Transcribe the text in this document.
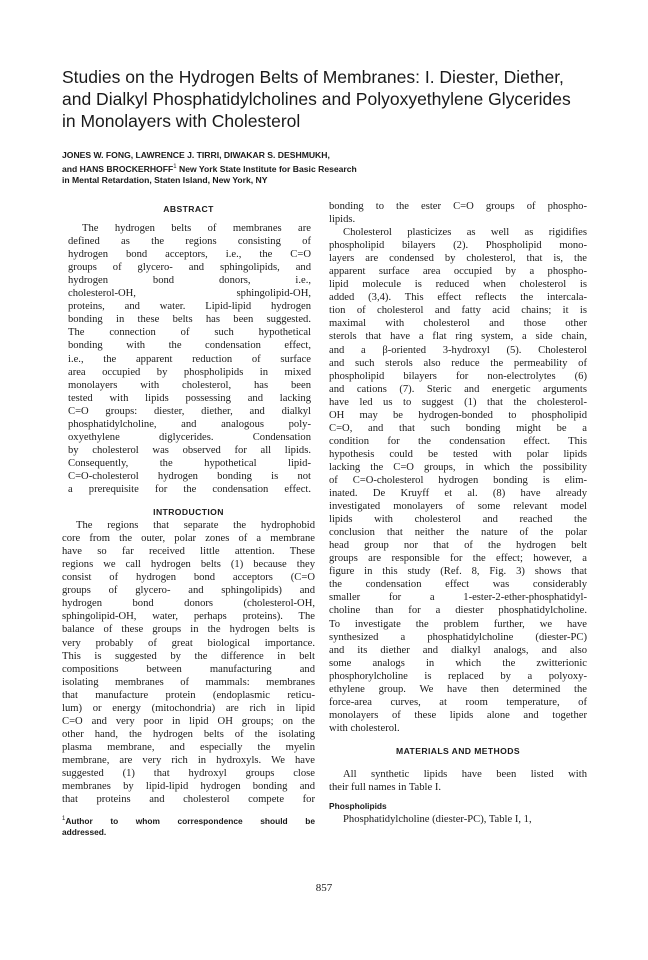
Studies on the Hydrogen Belts of Membranes: I. Diester, Diether,
and Dialkyl Phosphatidylcholines and Polyoxyethylene Glycerides
in Monolayers with Cholesterol
JONES W. FONG, LAWRENCE J. TIRRI, DIWAKAR S. DESHMUKH,
and HANS BROCKERHOFF$^1$ New York State Institute for Basic Research
in Mental Retardation, Staten Island, New York, NY
ABSTRACT
The hydrogen belts of membranes are
defined as the regions consisting of
hydrogen bond acceptors, i.e., the C=O
groups of glycero- and sphingolipids, and
hydrogen bond donors, i.e.,
cholesterol-OH, sphingolipid-OH,
proteins, and water. Lipid-lipid hydrogen
bonding in these belts has been suggested.
The connection of such hypothetical
bonding with the condensation effect,
i.e., the apparent reduction of surface
area occupied by phospholipids in mixed
monolayers with cholesterol, has been
tested with lipids possessing and lacking
C=O groups: diester, diether, and dialkyl
phosphatidylcholine, and analogous poly-
oxyethylene diglycerides. Condensation
by cholesterol was observed for all lipids.
Consequently, the hypothetical lipid-
C=O-cholesterol hydrogen bonding is not
a prerequisite for the condensation effect.
INTRODUCTION
The regions that separate the hydrophobid
core from the outer, polar zones of a membrane
have so far received little attention. These
regions we call hydrogen belts (1) because they
consist of hydrogen bond acceptors (C=O
groups of glycero- and sphingolipids) and
hydrogen bond donors (cholesterol-OH,
sphingolipid-OH, water, perhaps proteins). The
balance of these groups in the hydrogen belts is
very probably of great biological importance.
This is suggested by the difference in belt
compositions between manufacturing and
isolating membranes of mammals: membranes
that manufacture protein (endoplasmic reticu-
lum) or energy (mitochondria) are rich in lipid
C=O and very poor in lipid OH groups; on the
other hand, the hydrogen belts of the isolating
plasma membrane, and especially the myelin
membrane, are very rich in hydroxyls. We have
suggested (1) that hydroxyl groups close
membranes by lipid-lipid hydrogen bonding and
that proteins and cholesterol compete for
$^1$Author to whom correspondence should be
addressed.
bonding to the ester C=O groups of phospho-
lipids.
Cholesterol plasticizes as well as rigidifies
phospholipid bilayers (2). Phospholipid mono-
layers are condensed by cholesterol, that is, the
apparent surface area occupied by a phospho-
lipid molecule is reduced when cholesterol is
added (3,4). This effect reflects the intercala-
tion of cholesterol and fatty acid chains; it is
maximal with cholesterol and those other
sterols that have a flat ring system, a side chain,
and a β-oriented 3-hydroxyl (5). Cholesterol
and such sterols also reduce the permeability of
phospholipid bilayers for non-electrolytes (6)
and cations (7). Steric and energetic arguments
have led us to suggest (1) that the cholesterol-
OH may be hydrogen-bonded to phospholipid
C=O, and that such bonding might be a
condition for the condensation effect. This
hypothesis could be tested with polar lipids
lacking the C=O groups, in which the possibility
of C=O-cholesterol hydrogen bonding is elim-
inated. De Kruyff et al. (8) have already
investigated monolayers of some relevant model
lipids with cholesterol and reached the
conclusion that neither the nature of the polar
head group nor that of the hydrogen belt
groups are responsible for the effect; however, a
figure in this study (Ref. 8, Fig. 3) shows that
the condensation effect was considerably
smaller for a 1-ester-2-ether-phosphatidyl-
choline than for a diester phosphatidylcholine.
To investigate the problem further, we have
synthesized a phosphatidylcholine (diester-PC)
and its diether and dialkyl analogs, and also
some analogs in which the zwitterionic
phosphorylcholine is replaced by a polyoxy-
ethylene group. We have then determined the
force-area curves, at room temperature, of
monolayers of these lipids alone and together
with cholesterol.
MATERIALS AND METHODS
All synthetic lipids have been listed with
their full names in Table I.
Phospholipids
Phosphatidylcholine (diester-PC), Table I, 1,
857
